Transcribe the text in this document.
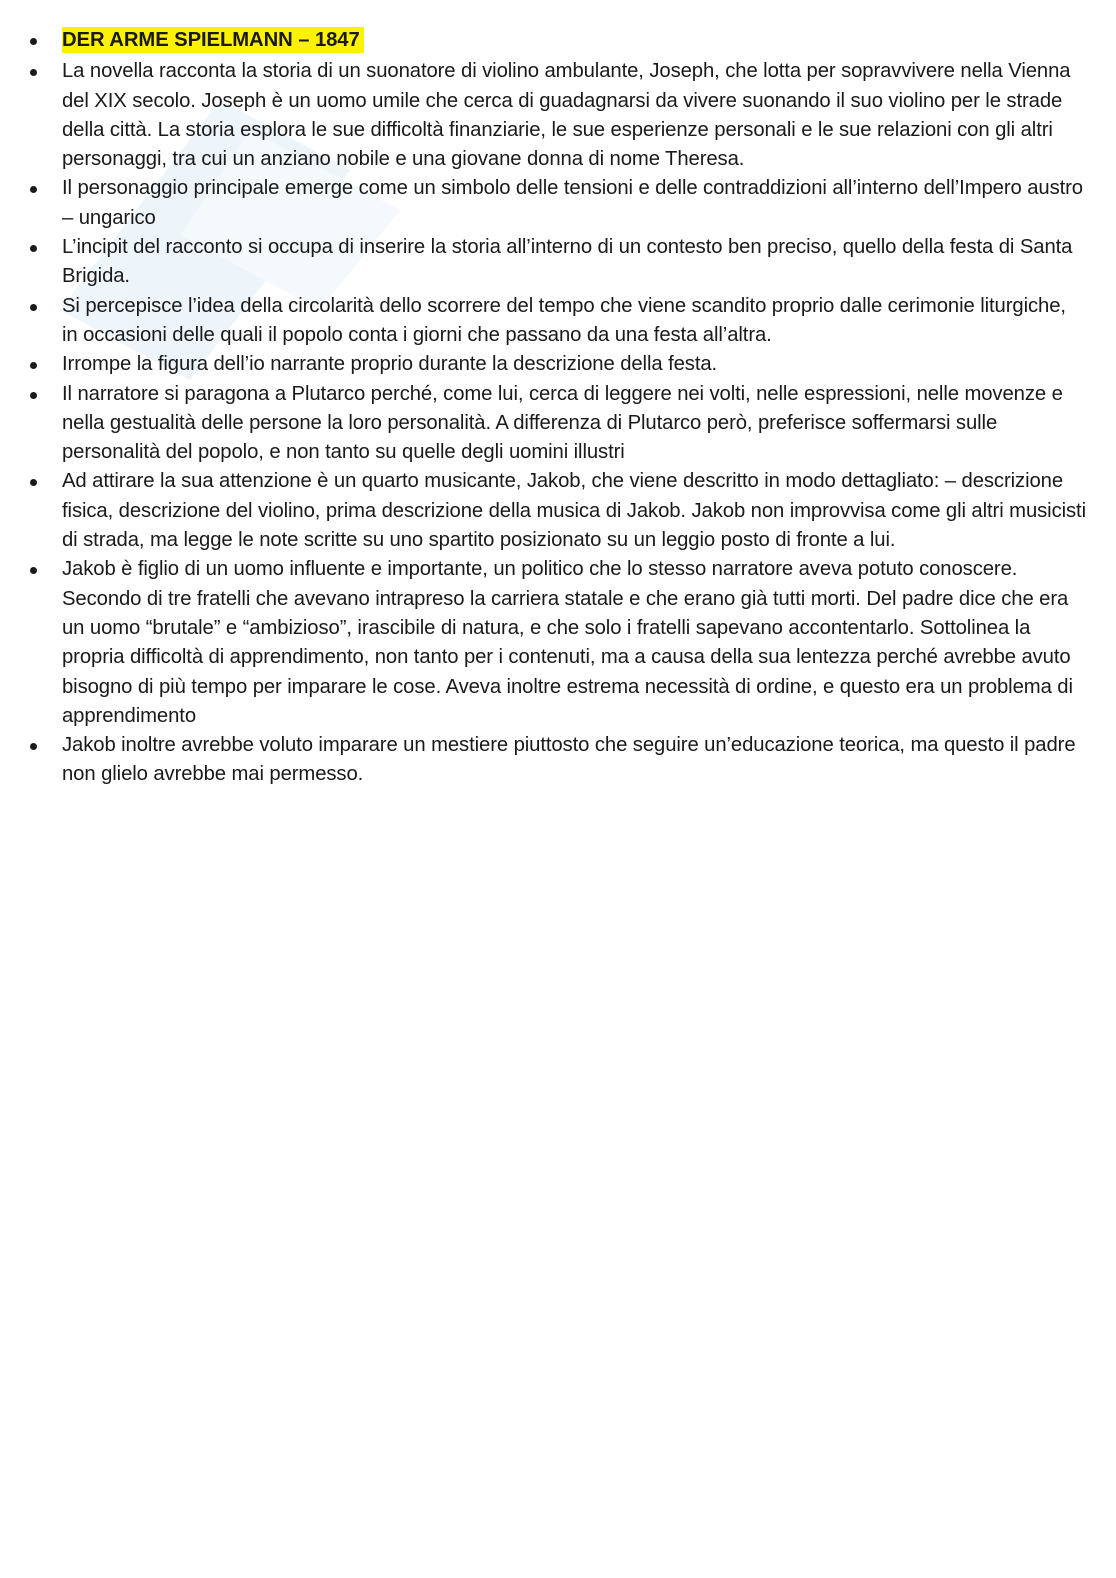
DER ARME SPIELMANN – 1847
La novella racconta la storia di un suonatore di violino ambulante, Joseph, che lotta per sopravvivere nella Vienna del XIX secolo. Joseph è un uomo umile che cerca di guadagnarsi da vivere suonando il suo violino per le strade della città. La storia esplora le sue difficoltà finanziarie, le sue esperienze personali e le sue relazioni con gli altri personaggi, tra cui un anziano nobile e una giovane donna di nome Theresa.
Il personaggio principale emerge come un simbolo delle tensioni e delle contraddizioni all’interno dell’Impero austro – ungarico
L’incipit del racconto si occupa di inserire la storia all’interno di un contesto ben preciso, quello della festa di Santa Brigida.
Si percepisce l’idea della circolarità dello scorrere del tempo che viene scandito proprio dalle cerimonie liturgiche, in occasioni delle quali il popolo conta i giorni che passano da una festa all’altra.
Irrompe la figura dell’io narrante proprio durante la descrizione della festa.
Il narratore si paragona a Plutarco perché, come lui, cerca di leggere nei volti, nelle espressioni, nelle movenze e nella gestualità delle persone la loro personalità. A differenza di Plutarco però, preferisce soffermarsi sulle personalità del popolo, e non tanto su quelle degli uomini illustri
Ad attirare la sua attenzione è un quarto musicante, Jakob, che viene descritto in modo dettagliato: – descrizione fisica, descrizione del violino, prima descrizione della musica di Jakob. Jakob non improvvisa come gli altri musicisti di strada, ma legge le note scritte su uno spartito posizionato su un leggio posto di fronte a lui.
Jakob è figlio di un uomo influente e importante, un politico che lo stesso narratore aveva potuto conoscere. Secondo di tre fratelli che avevano intrapreso la carriera statale e che erano già tutti morti. Del padre dice che era un uomo “brutale” e “ambizioso”, irascibile di natura, e che solo i fratelli sapevano accontentarlo. Sottolinea la propria difficoltà di apprendimento, non tanto per i contenuti, ma a causa della sua lentezza perché avrebbe avuto bisogno di più tempo per imparare le cose. Aveva inoltre estrema necessità di ordine, e questo era un problema di apprendimento
Jakob inoltre avrebbe voluto imparare un mestiere piuttosto che seguire un’educazione teorica, ma questo il padre non glielo avrebbe mai permesso.
